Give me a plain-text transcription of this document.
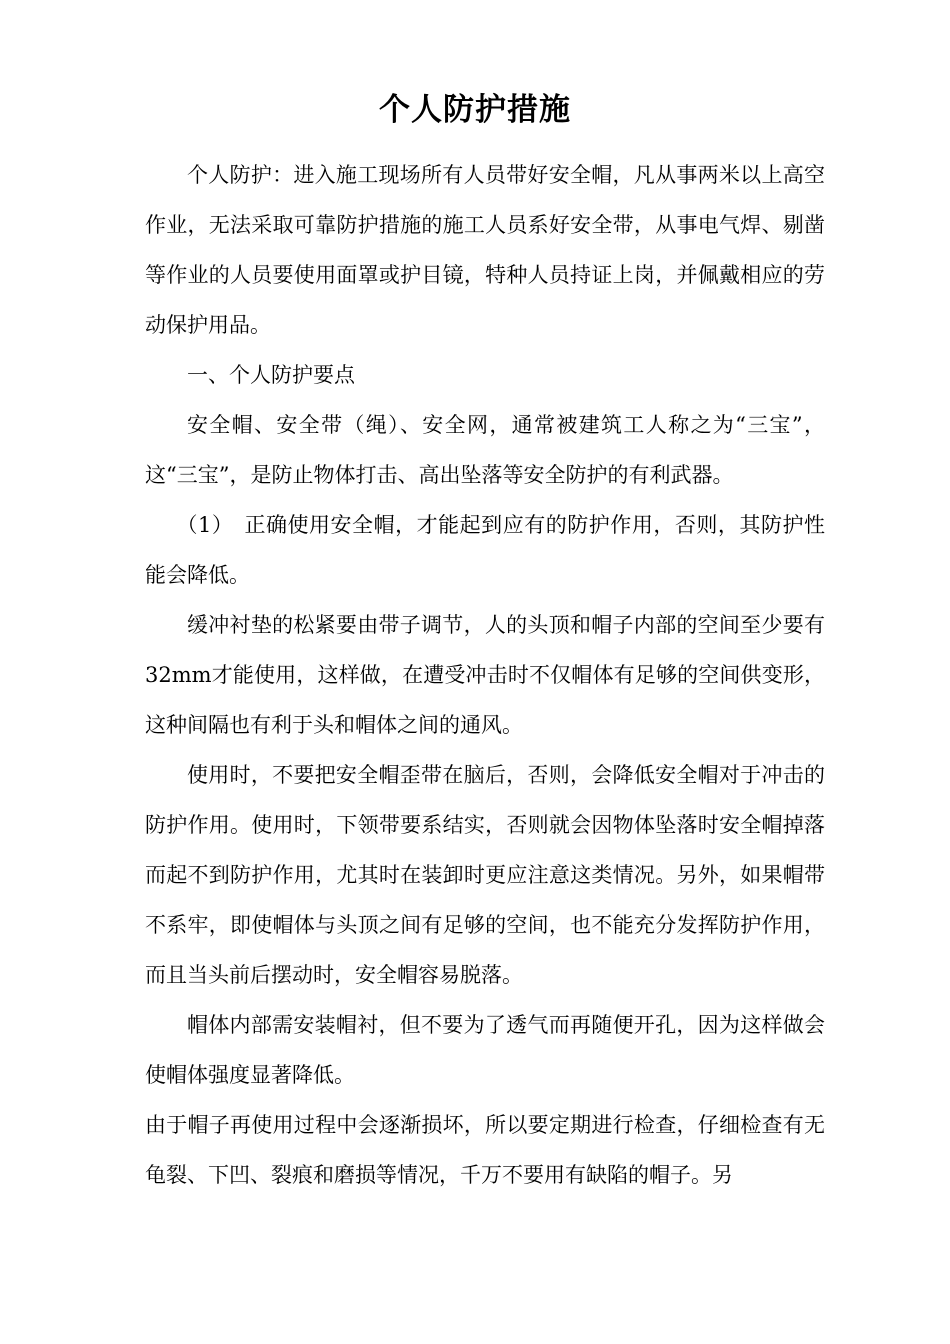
个人防护措施

个人防护：进入施工现场所有人员带好安全帽，凡从事两米以上高空作业，无法采取可靠防护措施的施工人员系好安全带，从事电气焊、剔凿等作业的人员要使用面罩或护目镜，特种人员持证上岗，并佩戴相应的劳动保护用品。

一、个人防护要点

安全帽、安全带（绳）、安全网，通常被建筑工人称之为“三宝”，这“三宝”，是防止物体打击、高出坠落等安全防护的有利武器。

（1）　正确使用安全帽，才能起到应有的防护作用，否则，其防护性能会降低。

缓冲衬垫的松紧要由带子调节，人的头顶和帽子内部的空间至少要有32mm才能使用，这样做，在遭受冲击时不仅帽体有足够的空间供变形，这种间隔也有利于头和帽体之间的通风。

使用时，不要把安全帽歪带在脑后，否则，会降低安全帽对于冲击的防护作用。使用时，下领带要系结实，否则就会因物体坠落时安全帽掉落而起不到防护作用，尤其时在装卸时更应注意这类情况。另外，如果帽带不系牢，即使帽体与头顶之间有足够的空间，也不能充分发挥防护作用，而且当头前后摆动时，安全帽容易脱落。

帽体内部需安装帽衬，但不要为了透气而再随便开孔，因为这样做会使帽体强度显著降低。

由于帽子再使用过程中会逐渐损坏，所以要定期进行检查，仔细检查有无龟裂、下凹、裂痕和磨损等情况，千万不要用有缺陷的帽子。另
